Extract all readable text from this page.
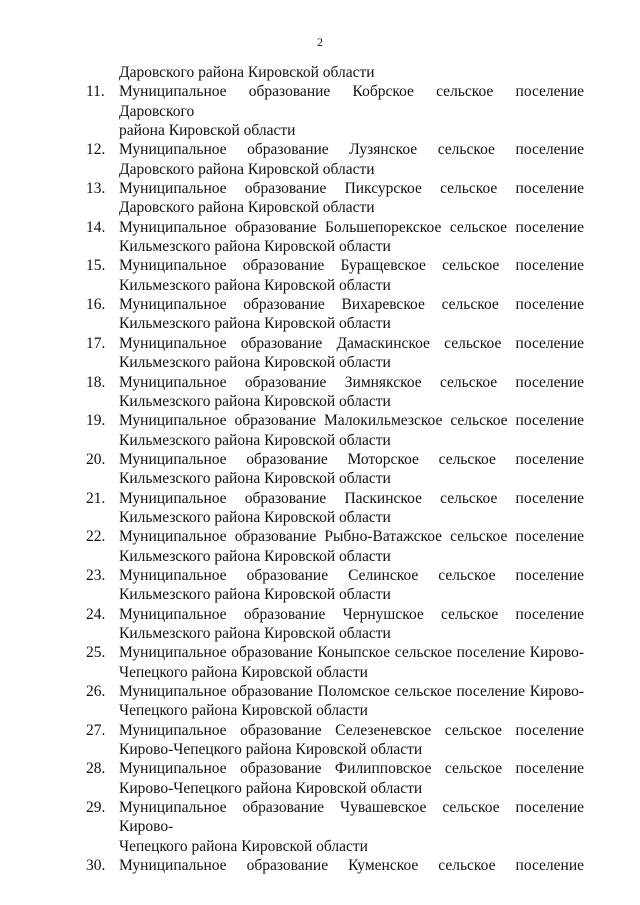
2
Даровского района Кировской области
11. Муниципальное образование Кобрское сельское поселение Даровского
района Кировской области
12. Муниципальное образование Лузянское сельское поселение
Даровского района Кировской области
13. Муниципальное образование Пиксурское сельское поселение
Даровского района Кировской области
14. Муниципальное образование Большепорекское сельское поселение
Кильмезского района Кировской области
15. Муниципальное образование Буращевское сельское поселение
Кильмезского района Кировской области
16. Муниципальное образование Вихаревское сельское поселение
Кильмезского района Кировской области
17. Муниципальное образование Дамаскинское сельское поселение
Кильмезского района Кировской области
18. Муниципальное образование Зимнякское сельское поселение
Кильмезского района Кировской области
19. Муниципальное образование Малокильмезское сельское поселение
Кильмезского района Кировской области
20. Муниципальное образование Моторское сельское поселение
Кильмезского района Кировской области
21. Муниципальное образование Паскинское сельское поселение
Кильмезского района Кировской области
22. Муниципальное образование Рыбно-Ватажское сельское поселение
Кильмезского района Кировской области
23. Муниципальное образование Селинское сельское поселение
Кильмезского района Кировской области
24. Муниципальное образование Чернушское сельское поселение
Кильмезского района Кировской области
25. Муниципальное образование Коныпское сельское поселение Кирово-
Чепецкого района Кировской области
26. Муниципальное образование Поломское сельское поселение Кирово-
Чепецкого района Кировской области
27. Муниципальное образование Селезеневское сельское поселение
Кирово-Чепецкого района Кировской области
28. Муниципальное образование Филипповское сельское поселение
Кирово-Чепецкого района Кировской области
29. Муниципальное образование Чувашевское сельское поселение Кирово-
Чепецкого района Кировской области
30. Муниципальное образование Куменское сельское поселение
